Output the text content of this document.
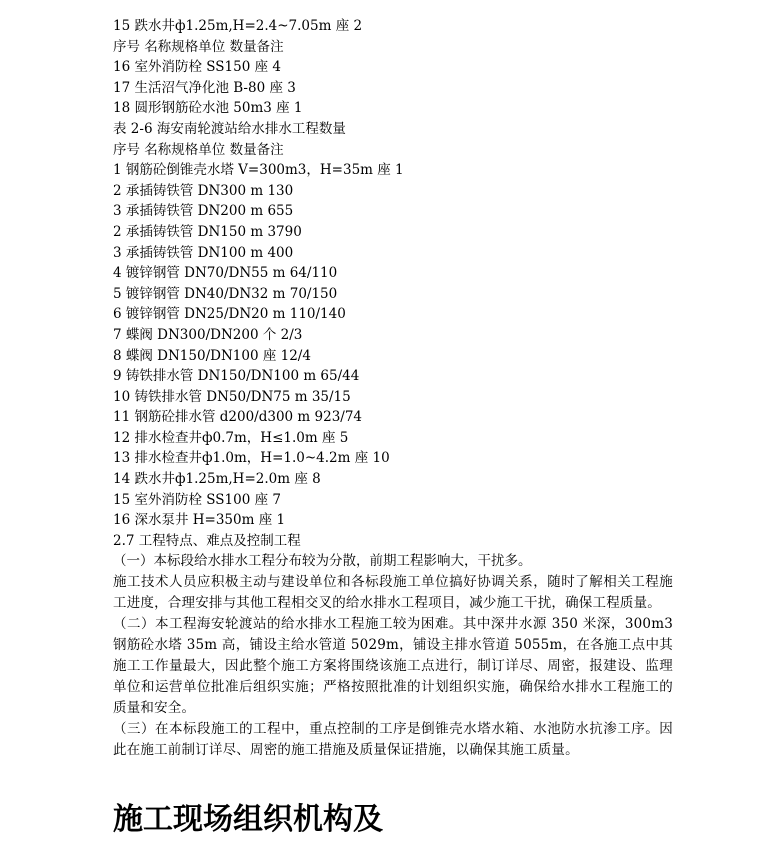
15 跌水井ф1.25m,H=2.4~7.05m 座 2

序号 名称规格单位 数量备注

16 室外消防栓 SS150 座 4

17 生活沼气净化池 B-80 座 3

18 圆形钢筋砼水池 50m3 座 1

表 2-6 海安南轮渡站给水排水工程数量

序号 名称规格单位 数量备注

1 钢筋砼倒锥壳水塔 V=300m3，H=35m 座 1

2 承插铸铁管 DN300 m 130

3 承插铸铁管 DN200 m 655

2 承插铸铁管 DN150 m 3790

3 承插铸铁管 DN100 m 400

4 镀锌钢管 DN70/DN55 m 64/110

5 镀锌钢管 DN40/DN32 m 70/150

6 镀锌钢管 DN25/DN20 m 110/140

7 蝶阀 DN300/DN200 个 2/3

8 蝶阀 DN150/DN100 座 12/4

9 铸铁排水管 DN150/DN100 m 65/44

10 铸铁排水管 DN50/DN75 m 35/15

11 钢筋砼排水管 d200/d300 m 923/74

12 排水检查井ф0.7m，H≤1.0m 座 5

13 排水检查井ф1.0m，H=1.0~4.2m 座 10

14 跌水井ф1.25m,H=2.0m 座 8

15 室外消防栓 SS100 座 7

16 深水泵井 H=350m 座 1

2.7 工程特点、难点及控制工程

（一）本标段给水排水工程分布较为分散，前期工程影响大，干扰多。

施工技术人员应积极主动与建设单位和各标段施工单位搞好协调关系，随时了解相关工程施工进度，合理安排与其他工程相交叉的给水排水工程项目，减少施工干扰，确保工程质量。

（二）本工程海安轮渡站的给水排水工程施工较为困难。其中深井水源 350 米深，300m3 钢筋砼水塔 35m 高，铺设主给水管道 5029m，铺设主排水管道 5055m，在各施工点中其施工工作量最大，因此整个施工方案将围绕该施工点进行，制订详尽、周密，报建设、监理单位和运营单位批准后组织实施；严格按照批准的计划组织实施，确保给水排水工程施工的质量和安全。

（三）在本标段施工的工程中，重点控制的工序是倒锥壳水塔水箱、水池防水抗渗工序。因此在施工前制订详尽、周密的施工措施及质量保证措施，以确保其施工质量。

施工现场组织机构及
